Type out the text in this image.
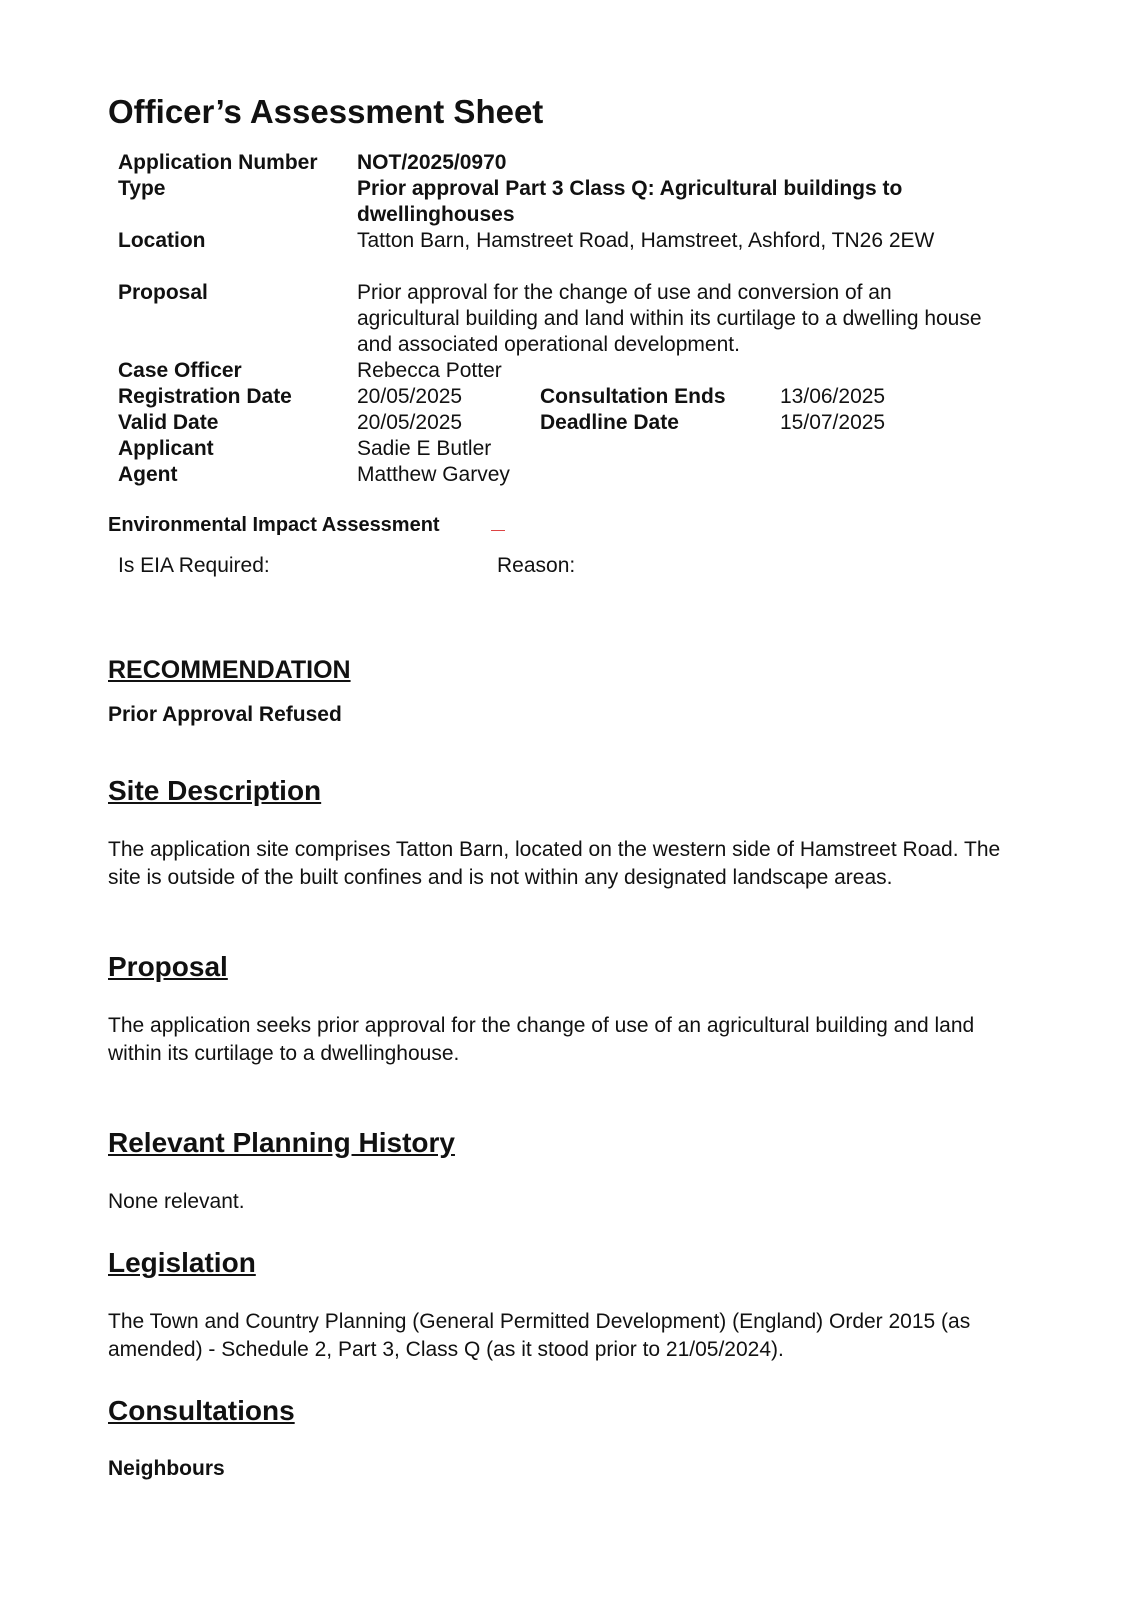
Officer’s Assessment Sheet
Application Number NOT/2025/0970
Type	Prior approval Part 3 Class Q: Agricultural buildings to dwellinghouses
Location	Tatton Barn, Hamstreet Road, Hamstreet, Ashford, TN26 2EW
Proposal	Prior approval for the change of use and conversion of an agricultural building and land within its curtilage to a dwelling house and associated operational development.
Case Officer	Rebecca Potter
Registration Date	20/05/2025	Consultation Ends	13/06/2025
Valid Date	20/05/2025	Deadline Date	15/07/2025
Applicant	Sadie E Butler
Agent	Matthew Garvey
Environmental Impact Assessment
Is EIA Required:	Reason:
RECOMMENDATION
Prior Approval Refused
Site Description
The application site comprises Tatton Barn, located on the western side of Hamstreet Road. The site is outside of the built confines and is not within any designated landscape areas.
Proposal
The application seeks prior approval for the change of use of an agricultural building and land within its curtilage to a dwellinghouse.
Relevant Planning History
None relevant.
Legislation
The Town and Country Planning (General Permitted Development) (England) Order 2015 (as amended) - Schedule 2, Part 3, Class Q (as it stood prior to 21/05/2024).
Consultations
Neighbours
